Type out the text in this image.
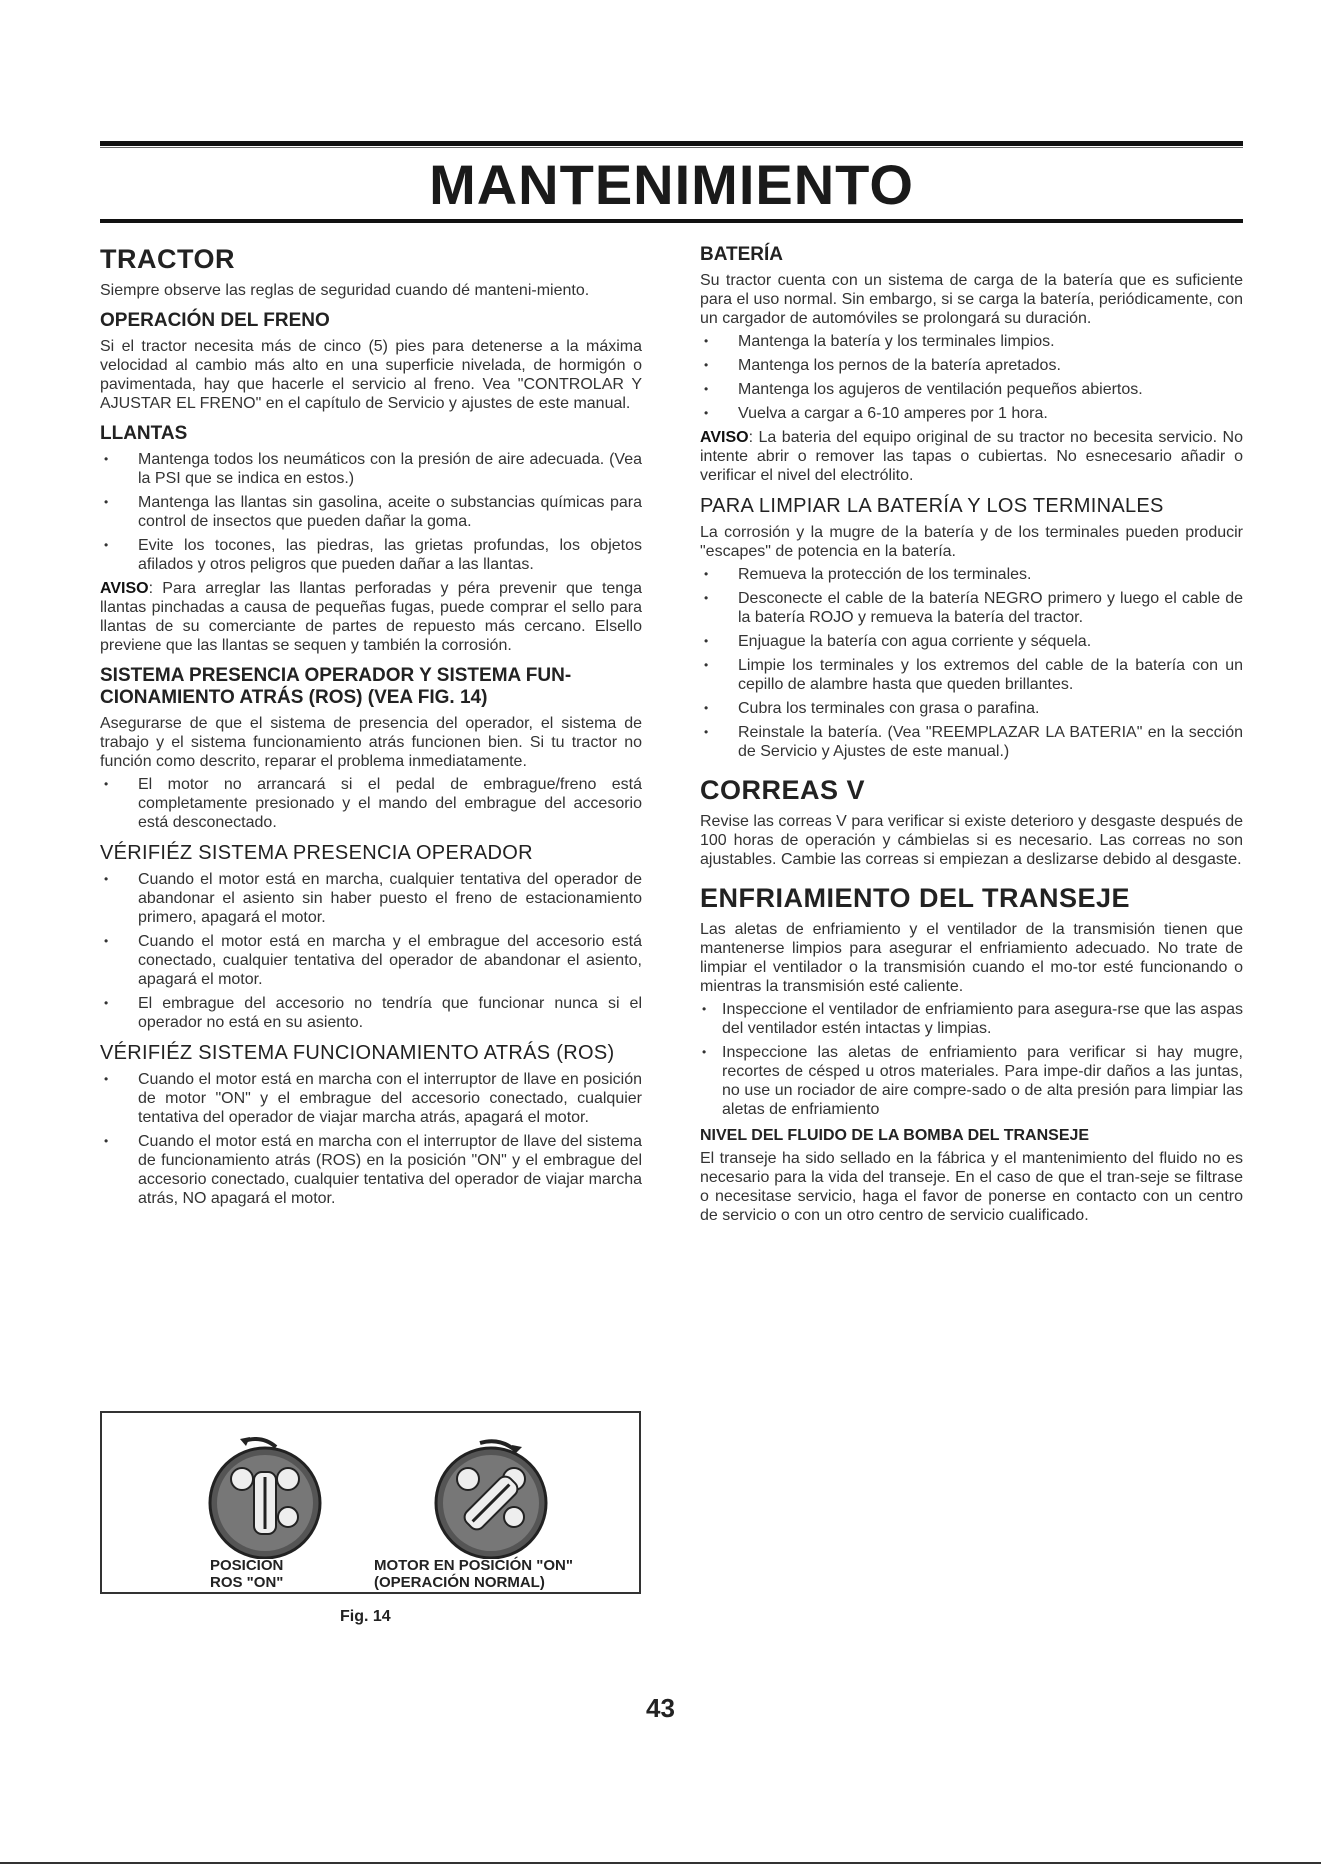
MANTENIMIENTO
TRACTOR

Siempre observe las reglas de seguridad cuando dé manteni-miento.

OPERACIÓN DEL FRENO

Si el tractor necesita más de cinco (5) pies para detenerse a la máxima velocidad al cambio más alto en una superficie nivelada, de hormigón o pavimentada, hay que hacerle el servicio al freno. Vea "CONTROLAR Y AJUSTAR EL FRENO" en el capítulo de Servicio y ajustes de este manual.

LLANTAS
• Mantenga todos los neumáticos con la presión de aire adecuada. (Vea la PSI que se indica en estos.)
• Mantenga las llantas sin gasolina, aceite o substancias químicas para control de insectos que pueden dañar la goma.
• Evite los tocones, las piedras, las grietas profundas, los objetos afilados y otros peligros que pueden dañar a las llantas.

AVISO: Para arreglar las llantas perforadas y péra prevenir que tenga llantas pinchadas a causa de pequeñas fugas, puede comprar el sello para llantas de su comerciante de partes de repuesto más cercano. Elsello previene que las llantas se sequen y también la corrosión.

SISTEMA PRESENCIA OPERADOR Y SISTEMA FUN-CIONAMIENTO ATRÁS (ROS) (VEA FIG. 14)

Asegurarse de que el sistema de presencia del operador, el sistema de trabajo y el sistema funcionamiento atrás funcionen bien. Si tu tractor no función como descrito, reparar el problema inmediatamente.

• El motor no arrancará si el pedal de embrague/freno está completamente presionado y el mando del embrague del accesorio está desconectado.
VÉRIFIÉZ SISTEMA PRESENCIA OPERADOR
• Cuando el motor está en marcha, cualquier tentativa del operador de abandonar el asiento sin haber puesto el freno de estacionamiento primero, apagará el motor.
• Cuando el motor está en marcha y el embrague del accesorio está conectado, cualquier tentativa del operador de abandonar el asiento, apagará el motor.
• El embrague del accesorio no tendría que funcionar nunca si el operador no está en su asiento.
VÉRIFIÉZ SISTEMA FUNCIONAMIENTO ATRÁS (ROS)
• Cuando el motor está en marcha con el interruptor de llave en posición de motor "ON" y el embrague del accesorio conectado, cualquier tentativa del operador de viajar marcha atrás, apagará el motor.
• Cuando el motor está en marcha con el interruptor de llave del sistema de funcionamiento atrás (ROS) en la posición "ON" y el embrague del accesorio conectado, cualquier tentativa del operador de viajar marcha atrás, NO apagará el motor.
POSICIÓN
ROS "ON"
MOTOR EN POSICIÓN "ON"
(OPERACIÓN NORMAL)
Fig. 14
BATERÍA

Su tractor cuenta con un sistema de carga de la batería que es suficiente para el uso normal. Sin embargo, si se carga la batería, periódicamente, con un cargador de automóviles se prolongará su duración.

• Mantenga la batería y los terminales limpios.
• Mantenga los pernos de la batería apretados.
• Mantenga los agujeros de ventilación pequeños abiertos.
• Vuelva a cargar a 6-10 amperes por 1 hora.

AVISO: La bateria del equipo original de su tractor no becesita servicio. No intente abrir o remover las tapas o cubiertas. No esnecesario añadir o verificar el nivel del electrólito.

PARA LIMPIAR LA BATERÍA Y LOS TERMINALES

La corrosión y la mugre de la batería y de los terminales pueden producir "escapes" de potencia en la batería.

• Remueva la protección de los terminales.
• Desconecte el cable de la batería NEGRO primero y luego el cable de la batería ROJO y remueva la batería del tractor.
• Enjuague la batería con agua corriente y séquela.
• Limpie los terminales y los extremos del cable de la batería con un cepillo de alambre hasta que queden brillantes.
• Cubra los terminales con grasa o parafina.
• Reinstale la batería. (Vea "REEMPLAZAR LA BATERIA" en la sección de Servicio y Ajustes de este manual.)
CORREAS V

Revise las correas V para verificar si existe deterioro y desgaste después de 100 horas de operación y cámbielas si es necesario. Las correas no son ajustables. Cambie las correas si empiezan a deslizarse debido al desgaste.

ENFRIAMIENTO DEL TRANSEJE

Las aletas de enfriamiento y el ventilador de la transmisión tienen que mantenerse limpios para asegurar el enfriamiento adecuado. No trate de limpiar el ventilador o la transmisión cuando el mo-tor esté funcionando o mientras la transmisión esté caliente.

• Inspeccione el ventilador de enfriamiento para asegura-rse que las aspas del ventilador estén intactas y limpias.
• Inspeccione las aletas de enfriamiento para verificar si hay mugre, recortes de césped u otros materiales. Para impe-dir daños a las juntas, no use un rociador de aire compre-sado o de alta presión para limpiar las aletas de enfriamiento
NIVEL DEL FLUIDO DE LA BOMBA DEL TRANSEJE

El transeje ha sido sellado en la fábrica y el mantenimiento del fluido no es necesario para la vida del transeje. En el caso de que el tran-seje se filtrase o necesitase servicio, haga el favor de ponerse en contacto con un centro de servicio o con un otro centro de servicio cualificado.

43
